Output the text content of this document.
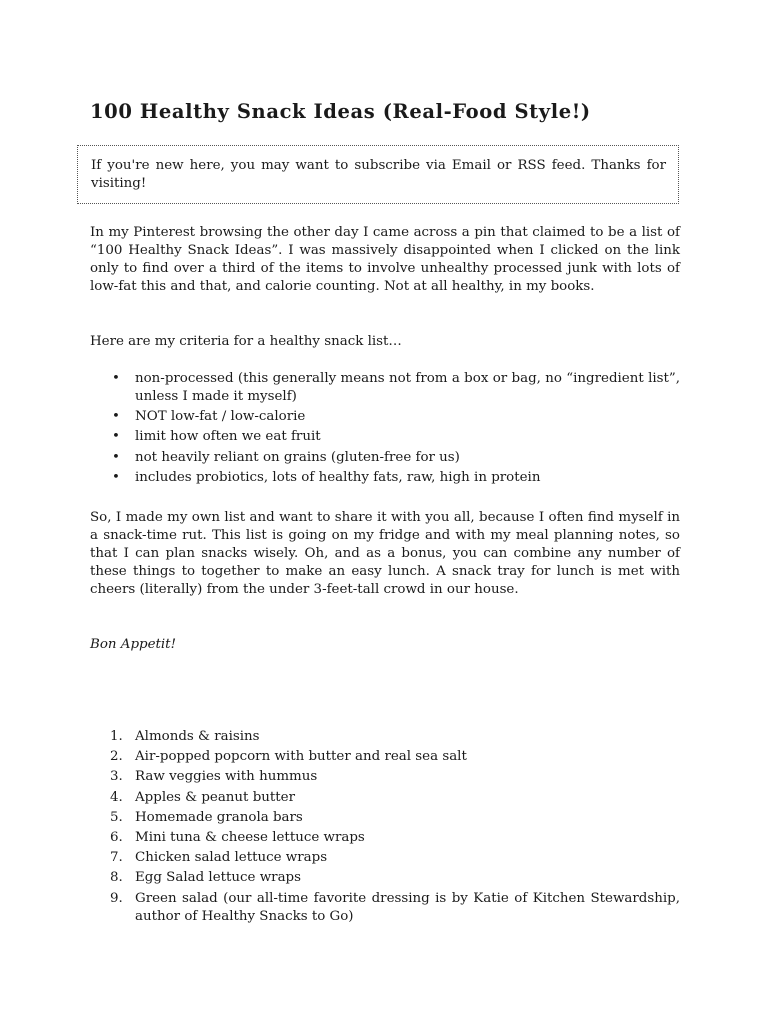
100 Healthy Snack Ideas (Real-Food Style!)
If you're new here, you may want to subscribe via Email or RSS feed. Thanks for visiting!

In my Pinterest browsing the other day I came across a pin that claimed to be a list of “100 Healthy Snack Ideas”. I was massively disappointed when I clicked on the link only to find over a third of the items to involve unhealthy processed junk with lots of low-fat this and that, and calorie counting. Not at all healthy, in my books.

Here are my criteria for a healthy snack list…

• non-processed (this generally means not from a box or bag, no “ingredient list”, unless I made it myself)
• NOT low-fat / low-calorie
• limit how often we eat fruit
• not heavily reliant on grains (gluten-free for us)
• includes probiotics, lots of healthy fats, raw, high in protein

So, I made my own list and want to share it with you all, because I often find myself in a snack-time rut. This list is going on my fridge and with my meal planning notes, so that I can plan snacks wisely. Oh, and as a bonus, you can combine any number of these things to together to make an easy lunch. A snack tray for lunch is met with cheers (literally) from the under 3-feet-tall crowd in our house.

Bon Appetit!

1. Almonds & raisins
2. Air-popped popcorn with butter and real sea salt
3. Raw veggies with hummus
4. Apples & peanut butter
5. Homemade granola bars
6. Mini tuna & cheese lettuce wraps
7. Chicken salad lettuce wraps
8. Egg Salad lettuce wraps
9. Green salad (our all-time favorite dressing is by Katie of Kitchen Stewardship, author of Healthy Snacks to Go)
